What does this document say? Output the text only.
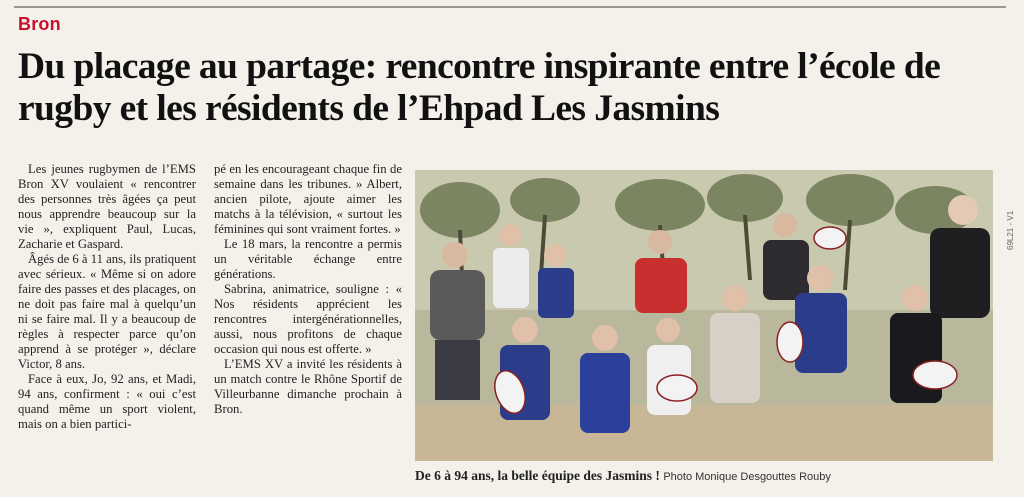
Bron
Du placage au partage: rencontre inspirante entre l’école de rugby et les résidents de l’Ehpad Les Jasmins

Les jeunes rugbymen de l’EMS Bron XV voulaient « rencontrer des personnes très âgées ça peut nous apprendre beaucoup sur la vie », expliquent Paul, Lucas, Zacharie et Gaspard.

Âgés de 6 à 11 ans, ils pratiquent avec sérieux. « Même si on adore faire des passes et des placages, on ne doit pas faire mal à quelqu’un ni se faire mal. Il y a beaucoup de règles à respecter parce qu’on apprend à se protéger », déclare Victor, 8 ans.

Face à eux, Jo, 92 ans, et Madi, 94 ans, confirment : « oui c’est quand même un sport violent, mais on a bien partici-

pé en les encourageant chaque fin de semaine dans les tribunes. » Albert, ancien pilote, ajoute aimer les matchs à la télévision, « surtout les féminines qui sont vraiment fortes. »

Le 18 mars, la rencontre a permis un véritable échange entre générations.

Sabrina, animatrice, souligne : « Nos résidents apprécient les rencontres intergénérationnelles, aussi, nous profitons de chaque occasion qui nous est offerte. »

L’EMS XV a invité les résidents à un match contre le Rhône Sportif de Villeurbanne dimanche prochain à Bron.

De 6 à 94 ans, la belle équipe des Jasmins ! Photo Monique Desgouttes Rouby
69L21 - V1
